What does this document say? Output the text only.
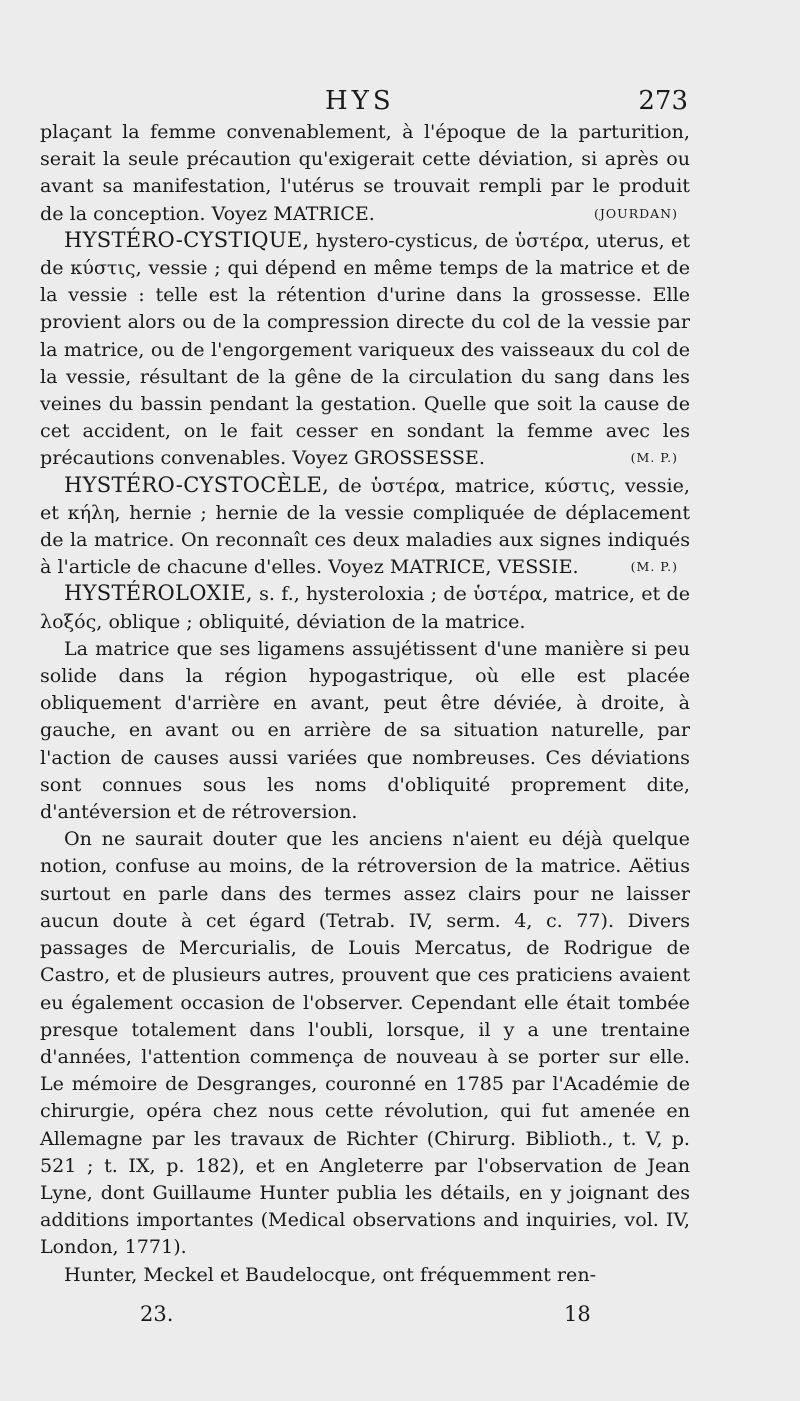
HYS	273

plaçant la femme convenablement, à l'époque de la parturition, serait la seule précaution qu'exigerait cette déviation, si après ou avant sa manifestation, l'utérus se trouvait rempli par le produit de la conception. Voyez MATRICE.	(JOURDAN)

HYSTÉRO-CYSTIQUE, hystero-cysticus, de ὑστέρα, uterus, et de κύστις, vessie ; qui dépend en même temps de la matrice et de la vessie : telle est la rétention d'urine dans la grossesse. Elle provient alors ou de la compression directe du col de la vessie par la matrice, ou de l'engorgement variqueux des vaisseaux du col de la vessie, résultant de la gêne de la circulation du sang dans les veines du bassin pendant la gestation. Quelle que soit la cause de cet accident, on le fait cesser en sondant la femme avec les précautions convenables. Voyez GROSSESSE.	(M. P.)

HYSTÉRO-CYSTOCÈLE, de ὑστέρα, matrice, κύστις, vessie, et κήλη, hernie ; hernie de la vessie compliquée de déplacement de la matrice. On reconnaît ces deux maladies aux signes indiqués à l'article de chacune d'elles. Voyez MATRICE, VESSIE.	(M. P.)

HYSTÉROLOXIE, s. f., hysteroloxia ; de ὑστέρα, matrice, et de λοξός, oblique ; obliquité, déviation de la matrice.

La matrice que ses ligamens assujétissent d'une manière si peu solide dans la région hypogastrique, où elle est placée obliquement d'arrière en avant, peut être déviée, à droite, à gauche, en avant ou en arrière de sa situation naturelle, par l'action de causes aussi variées que nombreuses. Ces déviations sont connues sous les noms d'obliquité proprement dite, d'antéversion et de rétroversion.

On ne saurait douter que les anciens n'aient eu déjà quelque notion, confuse au moins, de la rétroversion de la matrice. Aëtius surtout en parle dans des termes assez clairs pour ne laisser aucun doute à cet égard (Tetrab. IV, serm. 4, c. 77). Divers passages de Mercurialis, de Louis Mercatus, de Rodrigue de Castro, et de plusieurs autres, prouvent que ces praticiens avaient eu également occasion de l'observer. Cependant elle était tombée presque totalement dans l'oubli, lorsque, il y a une trentaine d'années, l'attention commença de nouveau à se porter sur elle. Le mémoire de Desgranges, couronné en 1785 par l'Académie de chirurgie, opéra chez nous cette révolution, qui fut amenée en Allemagne par les travaux de Richter (Chirurg. Biblioth., t. V, p. 521 ; t. IX, p. 182), et en Angleterre par l'observation de Jean Lyne, dont Guillaume Hunter publia les détails, en y joignant des additions importantes (Medical observations and inquiries, vol. IV, London, 1771).

Hunter, Meckel et Baudelocque, ont fréquemment ren-

23.	18
